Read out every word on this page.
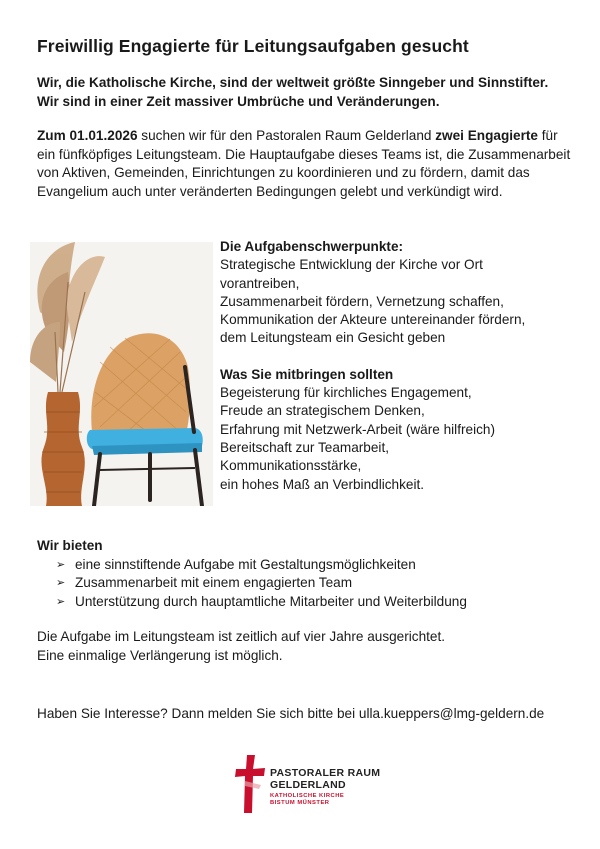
Freiwillig Engagierte für Leitungsaufgaben gesucht

Wir, die Katholische Kirche, sind der weltweit größte Sinngeber und Sinnstifter. Wir sind in einer Zeit massiver Umbrüche und Veränderungen.

Zum 01.01.2026 suchen wir für den Pastoralen Raum Gelderland zwei Engagierte für ein fünfköpfiges Leitungsteam. Die Hauptaufgabe dieses Teams ist, die Zusammenarbeit von Aktiven, Gemeinden, Einrichtungen zu koordinieren und zu fördern, damit das Evangelium auch unter veränderten Bedingungen gelebt und verkündigt wird.

Die Aufgabenschwerpunkte:
Strategische Entwicklung der Kirche vor Ort
vorantreiben,
Zusammenarbeit fördern, Vernetzung schaffen,
Kommunikation der Akteure untereinander fördern,
dem Leitungsteam ein Gesicht geben
Was Sie mitbringen sollten
Begeisterung für kirchliches Engagement,
Freude an strategischem Denken,
Erfahrung mit Netzwerk-Arbeit (wäre hilfreich)
Bereitschaft zur Teamarbeit,
Kommunikationsstärke,
ein hohes Maß an Verbindlichkeit.
Wir bieten
➢ eine sinnstiftende Aufgabe mit Gestaltungsmöglichkeiten
➢ Zusammenarbeit mit einem engagierten Team
➢ Unterstützung durch hauptamtliche Mitarbeiter und Weiterbildung
Die Aufgabe im Leitungsteam ist zeitlich auf vier Jahre ausgerichtet.
Eine einmalige Verlängerung ist möglich.

Haben Sie Interesse? Dann melden Sie sich bitte bei ulla.kueppers@lmg-geldern.de

PASTORALER RAUM
GELDERLAND
KATHOLISCHE KIRCHE
BISTUM MÜNSTER
